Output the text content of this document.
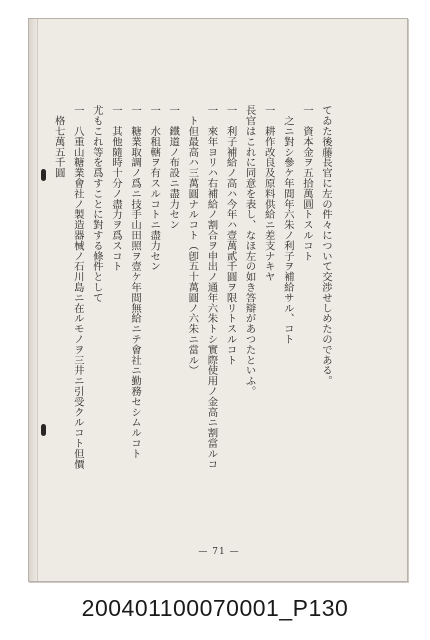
てゐた後藤長官に左の件々について交渉せしめたのである。
一　資本金ヲ五拾萬圓トスルコト
　之ニ對シ參ケ年間年六朱ノ利子ヲ補給サル、コト
一　耕作改良及原料供給ニ差支ナキヤ
長官はこれに同意を表し、なほ左の如き答辯があつたといふ。
一　利子補給ノ高ハ今年ハ壹萬貳千圓ヲ限リトスルコト
一　來年ヨリハ右補給ノ割合ヲ申出ノ通年六朱トシ實際使用ノ金高ニ割當ルコ
　ト但最高ハ三萬圓ナルコト（卽五十萬圓ノ六朱ニ當ル）
一　鐵道ノ布設ニ盡力セン
一　水租轄ヲ有スルコトニ盡力セン
一　糖業取調ノ爲ニ技手山田照ヲ壹ケ年間無給ニテ會社ニ勤務セシムルコト
一　其他隨時十分ノ盡力ヲ爲スコト
尤もこれ等を爲すことに對する條件として
一　八重山糖業會社ノ製造器械ノ石川島ニ在ルモノヲ三井ニ引受クルコト但價
　格七萬五千圓
— 71 —
200401100070001_P130
